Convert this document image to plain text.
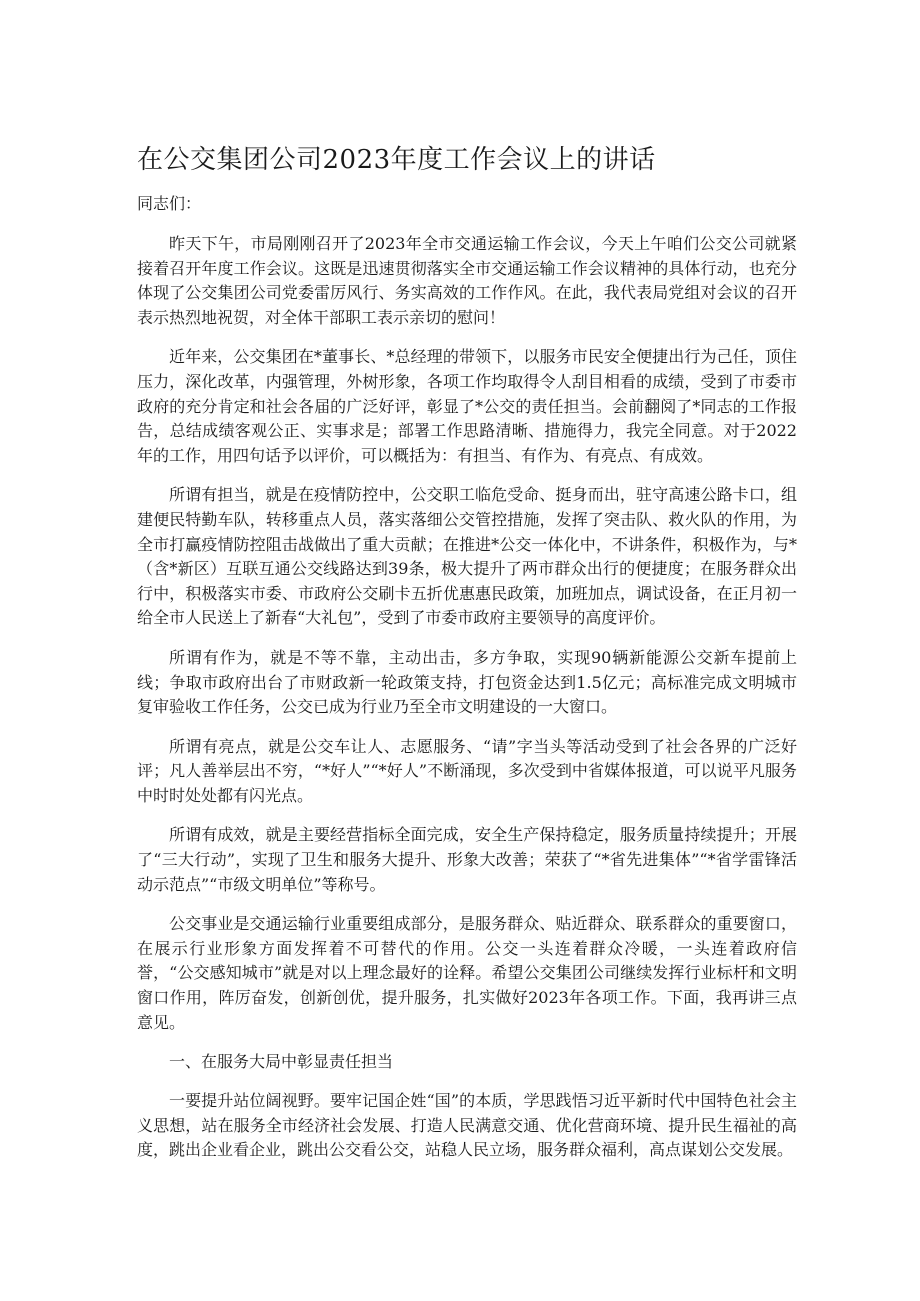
在公交集团公司2023年度工作会议上的讲话

同志们：

昨天下午，市局刚刚召开了2023年全市交通运输工作会议，今天上午咱们公交公司就紧接着召开年度工作会议。这既是迅速贯彻落实全市交通运输工作会议精神的具体行动，也充分体现了公交集团公司党委雷厉风行、务实高效的工作作风。在此，我代表局党组对会议的召开表示热烈地祝贺，对全体干部职工表示亲切的慰问！

近年来，公交集团在*董事长、*总经理的带领下，以服务市民安全便捷出行为己任，顶住压力，深化改革，内强管理，外树形象，各项工作均取得令人刮目相看的成绩，受到了市委市政府的充分肯定和社会各届的广泛好评，彰显了*公交的责任担当。会前翻阅了*同志的工作报告，总结成绩客观公正、实事求是；部署工作思路清晰、措施得力，我完全同意。对于2022年的工作，用四句话予以评价，可以概括为：有担当、有作为、有亮点、有成效。

所谓有担当，就是在疫情防控中，公交职工临危受命、挺身而出，驻守高速公路卡口，组建便民特勤车队，转移重点人员，落实落细公交管控措施，发挥了突击队、救火队的作用，为全市打赢疫情防控阻击战做出了重大贡献；在推进*公交一体化中，不讲条件，积极作为，与*（含*新区）互联互通公交线路达到39条，极大提升了两市群众出行的便捷度；在服务群众出行中，积极落实市委、市政府公交刷卡五折优惠惠民政策，加班加点，调试设备，在正月初一给全市人民送上了新春“大礼包”，受到了市委市政府主要领导的高度评价。

所谓有作为，就是不等不靠，主动出击，多方争取，实现90辆新能源公交新车提前上线；争取市政府出台了市财政新一轮政策支持，打包资金达到1.5亿元；高标准完成文明城市复审验收工作任务，公交已成为行业乃至全市文明建设的一大窗口。

所谓有亮点，就是公交车让人、志愿服务、“请”字当头等活动受到了社会各界的广泛好评；凡人善举层出不穷，“*好人”“*好人”不断涌现，多次受到中省媒体报道，可以说平凡服务中时时处处都有闪光点。

所谓有成效，就是主要经营指标全面完成，安全生产保持稳定，服务质量持续提升；开展了“三大行动”，实现了卫生和服务大提升、形象大改善；荣获了“*省先进集体”“*省学雷锋活动示范点”“市级文明单位”等称号。

公交事业是交通运输行业重要组成部分，是服务群众、贴近群众、联系群众的重要窗口，在展示行业形象方面发挥着不可替代的作用。公交一头连着群众冷暖，一头连着政府信誉，“公交感知城市”就是对以上理念最好的诠释。希望公交集团公司继续发挥行业标杆和文明窗口作用，阵厉奋发，创新创优，提升服务，扎实做好2023年各项工作。下面，我再讲三点意见。

一、在服务大局中彰显责任担当

一要提升站位阔视野。要牢记国企姓“国”的本质，学思践悟习近平新时代中国特色社会主义思想，站在服务全市经济社会发展、打造人民满意交通、优化营商环境、提升民生福祉的高度，跳出企业看企业，跳出公交看公交，站稳人民立场，服务群众福利，高点谋划公交发展。
